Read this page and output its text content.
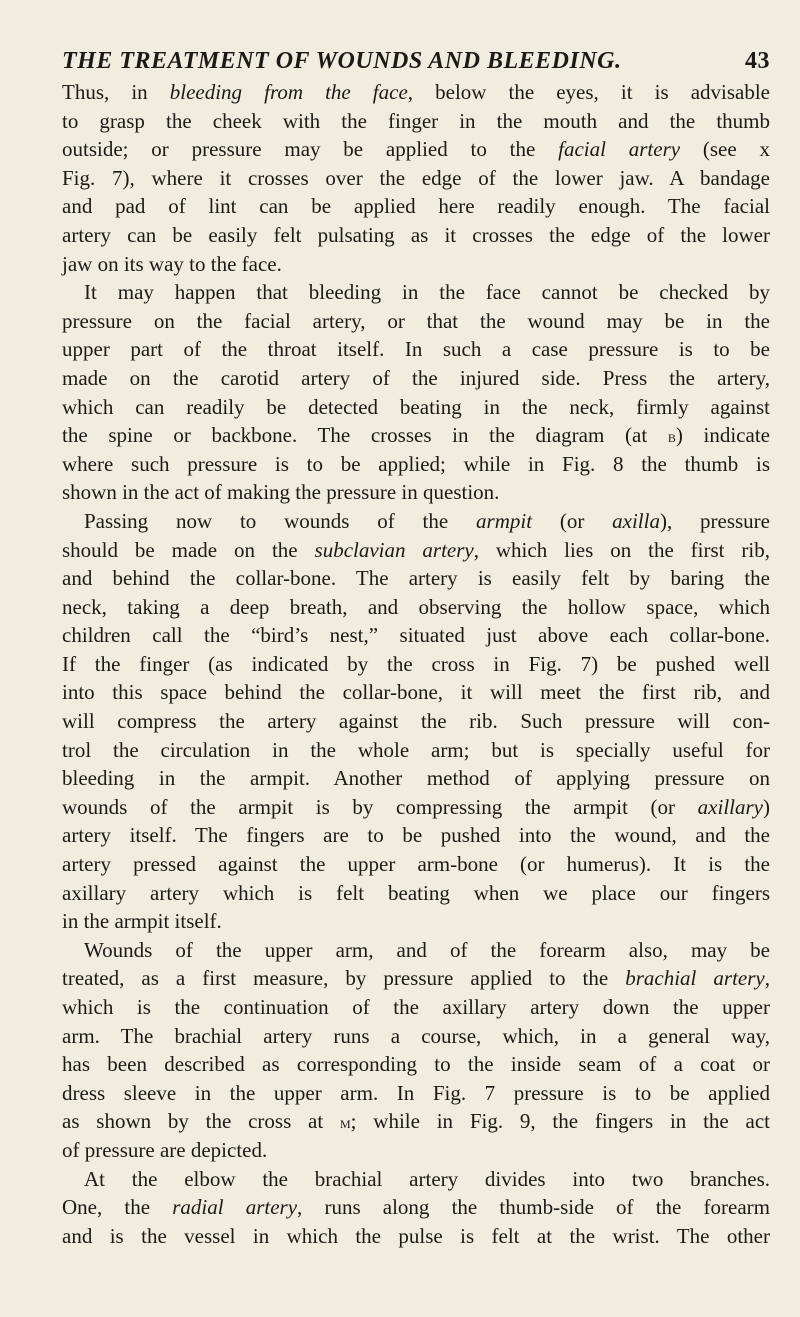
THE TREATMENT OF WOUNDS AND BLEEDING.	43
Thus, in bleeding from the face, below the eyes, it is advisable
to grasp the cheek with the finger in the mouth and the thumb
outside; or pressure may be applied to the facial artery (see x
Fig. 7), where it crosses over the edge of the lower jaw. A bandage
and pad of lint can be applied here readily enough. The facial
artery can be easily felt pulsating as it crosses the edge of the lower
jaw on its way to the face.
It may happen that bleeding in the face cannot be checked by
pressure on the facial artery, or that the wound may be in the
upper part of the throat itself. In such a case pressure is to be
made on the carotid artery of the injured side. Press the artery,
which can readily be detected beating in the neck, firmly against
the spine or backbone. The crosses in the diagram (at b) indicate
where such pressure is to be applied; while in Fig. 8 the thumb is
shown in the act of making the pressure in question.
Passing now to wounds of the armpit (or axilla), pressure
should be made on the subclavian artery, which lies on the first rib,
and behind the collar-bone. The artery is easily felt by baring the
neck, taking a deep breath, and observing the hollow space, which
children call the “bird’s nest,” situated just above each collar-bone.
If the finger (as indicated by the cross in Fig. 7) be pushed well
into this space behind the collar-bone, it will meet the first rib, and
will compress the artery against the rib. Such pressure will con-
trol the circulation in the whole arm; but is specially useful for
bleeding in the armpit. Another method of applying pressure on
wounds of the armpit is by compressing the armpit (or axillary)
artery itself. The fingers are to be pushed into the wound, and the
artery pressed against the upper arm-bone (or humerus). It is the
axillary artery which is felt beating when we place our fingers
in the armpit itself.
Wounds of the upper arm, and of the forearm also, may be
treated, as a first measure, by pressure applied to the brachial artery,
which is the continuation of the axillary artery down the upper
arm. The brachial artery runs a course, which, in a general way,
has been described as corresponding to the inside seam of a coat or
dress sleeve in the upper arm. In Fig. 7 pressure is to be applied
as shown by the cross at m; while in Fig. 9, the fingers in the act
of pressure are depicted.
At the elbow the brachial artery divides into two branches.
One, the radial artery, runs along the thumb-side of the forearm
and is the vessel in which the pulse is felt at the wrist. The other
